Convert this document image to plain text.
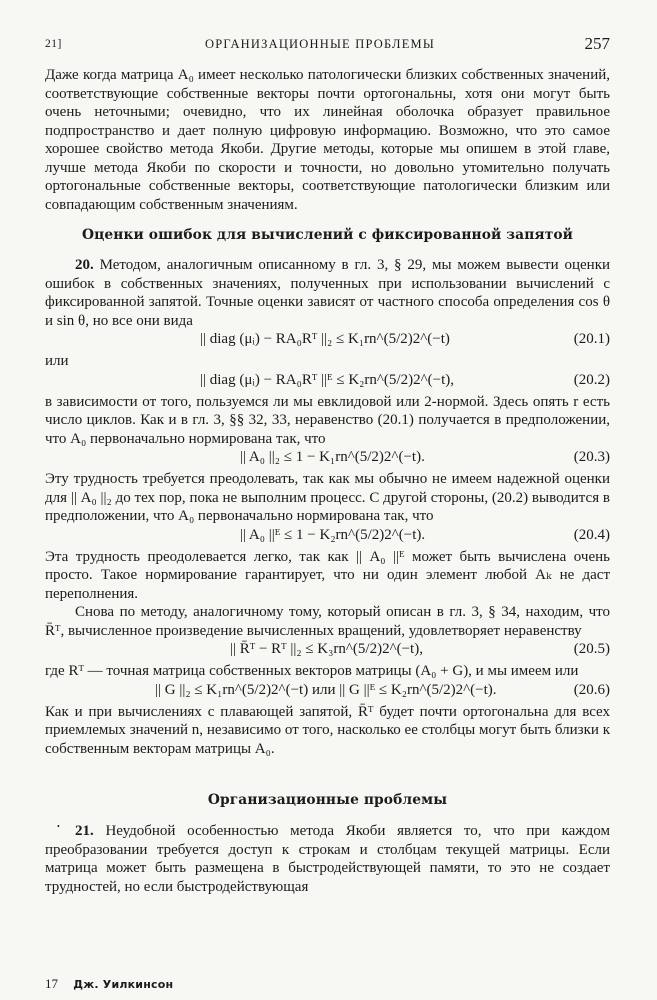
21]	ОРГАНИЗАЦИОННЫЕ ПРОБЛЕМЫ	257

Даже когда матрица A₀ имеет несколько патологически близких собственных значений, соответствующие собственные векторы почти ортогональны, хотя они могут быть очень неточными; очевидно, что их линейная оболочка образует правильное подпространство и дает полную цифровую информацию. Возможно, что это самое хорошее свойство метода Якоби. Другие методы, которые мы опишем в этой главе, лучше метода Якоби по скорости и точности, но довольно утомительно получать ортогональные собственные векторы, соответствующие патологически близким или совпадающим собственным значениям.

Оценки ошибок для вычислений с фиксированной запятой

20. Методом, аналогичным описанному в гл. 3, § 29, мы можем вывести оценки ошибок в собственных значениях, полученных при использовании вычислений с фиксированной запятой. Точные оценки зависят от частного способа определения cos θ и sin θ, но все они вида

|| diag (μᵢ) − RA₀Rᵀ ||₂ ≤ K₁rn^(5/2)2^(−t)	(20.1)

или

|| diag (μᵢ) − RA₀Rᵀ ||ᴱ ≤ K₂rn^(5/2)2^(−t),	(20.2)

в зависимости от того, пользуемся ли мы евклидовой или 2-нормой. Здесь опять r есть число циклов. Как и в гл. 3, §§ 32, 33, неравенство (20.1) получается в предположении, что A₀ первоначально нормирована так, что

|| A₀ ||₂ ≤ 1 − K₁rn^(5/2)2^(−t).	(20.3)

Эту трудность требуется преодолевать, так как мы обычно не имеем надежной оценки для || A₀ ||₂ до тех пор, пока не выполним процесс. С другой стороны, (20.2) выводится в предположении, что A₀ первоначально нормирована так, что

|| A₀ ||ᴱ ≤ 1 − K₂rn^(5/2)2^(−t).	(20.4)

Эта трудность преодолевается легко, так как || A₀ ||ᴱ может быть вычислена очень просто. Такое нормирование гарантирует, что ни один элемент любой Aₖ не даст переполнения.

Снова по методу, аналогичному тому, который описан в гл. 3, § 34, находим, что R̄ᵀ, вычисленное произведение вычисленных вращений, удовлетворяет неравенству

|| R̄ᵀ − Rᵀ ||₂ ≤ K₃rn^(5/2)2^(−t),	(20.5)

где Rᵀ — точная матрица собственных векторов матрицы (A₀ + G), и мы имеем или

|| G ||₂ ≤ K₁rn^(5/2)2^(−t) или || G ||ᴱ ≤ K₂rn^(5/2)2^(−t).	(20.6)

Как и при вычислениях с плавающей запятой, R̄ᵀ будет почти ортогональна для всех приемлемых значений n, независимо от того, насколько ее столбцы могут быть близки к собственным векторам матрицы A₀.

Организационные проблемы

21. Неудобной особенностью метода Якоби является то, что при каждом преобразовании требуется доступ к строкам и столбцам текущей матрицы. Если матрица может быть размещена в быстродействующей памяти, то это не создает трудностей, но если быстродействующая

17 Дж. Уилкинсон
•
